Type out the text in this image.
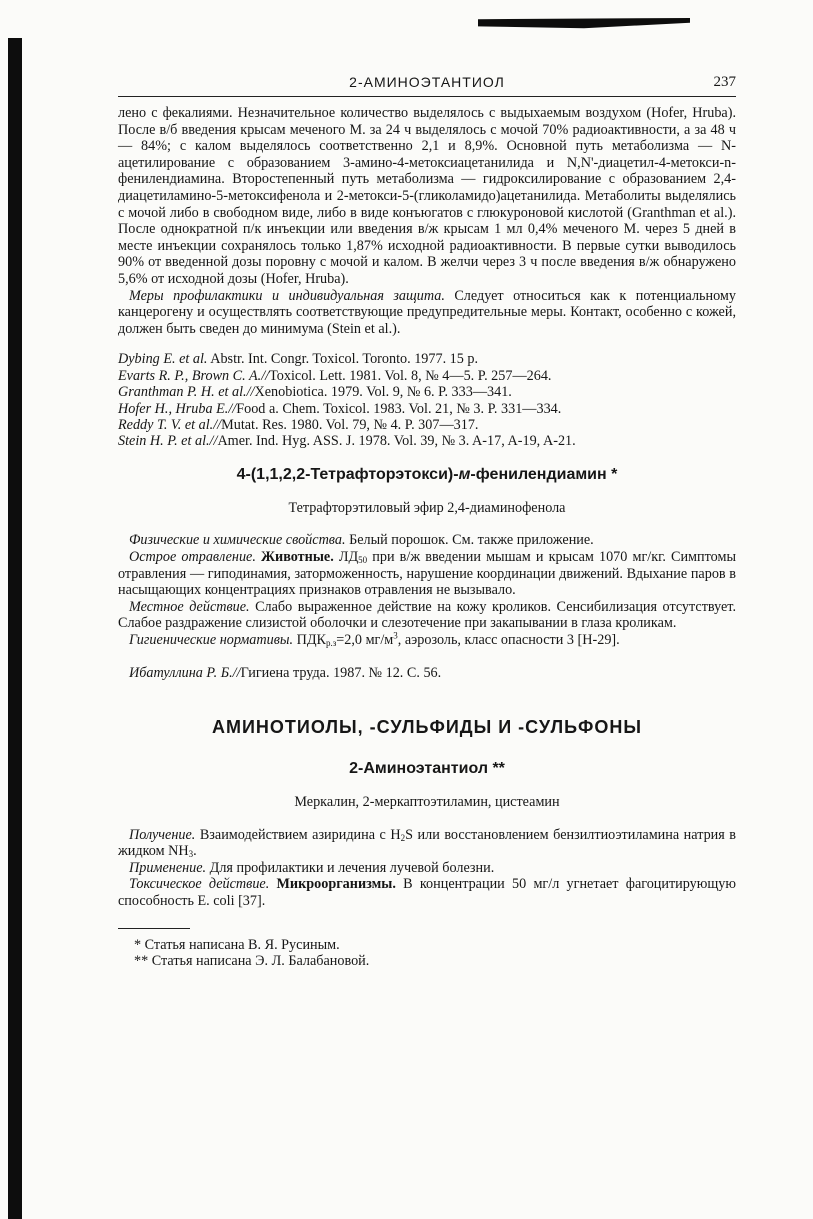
2-АМИНОЭТАНТИОЛ	237

лено с фекалиями. Незначительное количество выделялось с выдыхаемым воздухом (Hofer, Hruba). После в/б введения крысам меченого М. за 24 ч выделялось с мочой 70% радиоактивности, а за 48 ч — 84%; с калом выделялось соответственно 2,1 и 8,9%. Основной путь метаболизма — N-ацетилирование с образованием 3-амино-4-метоксиацетанилида и N,N'-диацетил-4-метокси-n-фенилендиамина. Второстепенный путь метаболизма — гидроксилирование с образованием 2,4-диацетиламино-5-метоксифенола и 2-метокси-5-(гликоламидо)ацетанилида. Метаболиты выделялись с мочой либо в свободном виде, либо в виде конъюгатов с глюкуроновой кислотой (Granthman et al.). После однократной п/к инъекции или введения в/ж крысам 1 мл 0,4% меченого М. через 5 дней в месте инъекции сохранялось только 1,87% исходной радиоактивности. В первые сутки выводилось 90% от введенной дозы поровну с мочой и калом. В желчи через 3 ч после введения в/ж обнаружено 5,6% от исходной дозы (Hofer, Hruba).

Меры профилактики и индивидуальная защита. Следует относиться как к потенциальному канцерогену и осуществлять соответствующие предупредительные меры. Контакт, особенно с кожей, должен быть сведен до минимума (Stein et al.).

Dybing E. et al. Abstr. Int. Congr. Toxicol. Toronto. 1977. 15 p.

Evarts R. P., Brown C. A.//Toxicol. Lett. 1981. Vol. 8, № 4—5. P. 257—264.

Granthman P. H. et al.//Xenobiotica. 1979. Vol. 9, № 6. P. 333—341.

Hofer H., Hruba E.//Food a. Chem. Toxicol. 1983. Vol. 21, № 3. P. 331—334.

Reddy T. V. et al.//Mutat. Res. 1980. Vol. 79, № 4. P. 307—317.

Stein H. P. et al.//Amer. Ind. Hyg. ASS. J. 1978. Vol. 39, № 3. A-17, A-19, A-21.

4-(1,1,2,2-Тетрафторэтокси)-м-фенилендиамин *

Тетрафторэтиловый эфир 2,4-диаминофенола

Физические и химические свойства. Белый порошок. См. также приложение.

Острое отравление. Животные. $ЛД_{50}$ при в/ж введении мышам и крысам 1070 мг/кг. Симптомы отравления — гиподинамия, заторможенность, нарушение координации движений. Вдыхание паров в насыщающих концентрациях признаков отравления не вызывало.

Местное действие. Слабо выраженное действие на кожу кроликов. Сенсибилизация отсутствует. Слабое раздражение слизистой оболочки и слезотечение при закапывании в глаза кроликам.

Гигиенические нормативы. $ПДК_{р.з}=2,0$ $мг/м^3$, аэрозоль, класс опасности 3 [Н-29].

Ибатуллина Р. Б.//Гигиена труда. 1987. № 12. С. 56.

АМИНОТИОЛЫ, -СУЛЬФИДЫ И -СУЛЬФОНЫ
2-Аминоэтантиол **

Меркалин, 2-меркаптоэтиламин, цистеамин

Получение. Взаимодействием азиридина с $H_2S$ или восстановлением бензилтиоэтиламина натрия в жидком $NH_3$.

Применение. Для профилактики и лечения лучевой болезни.

Токсическое действие. Микроорганизмы. В концентрации 50 мг/л угнетает фагоцитирующую способность E. coli [37].

* Статья написана В. Я. Русиным.

** Статья написана Э. Л. Балабановой.
